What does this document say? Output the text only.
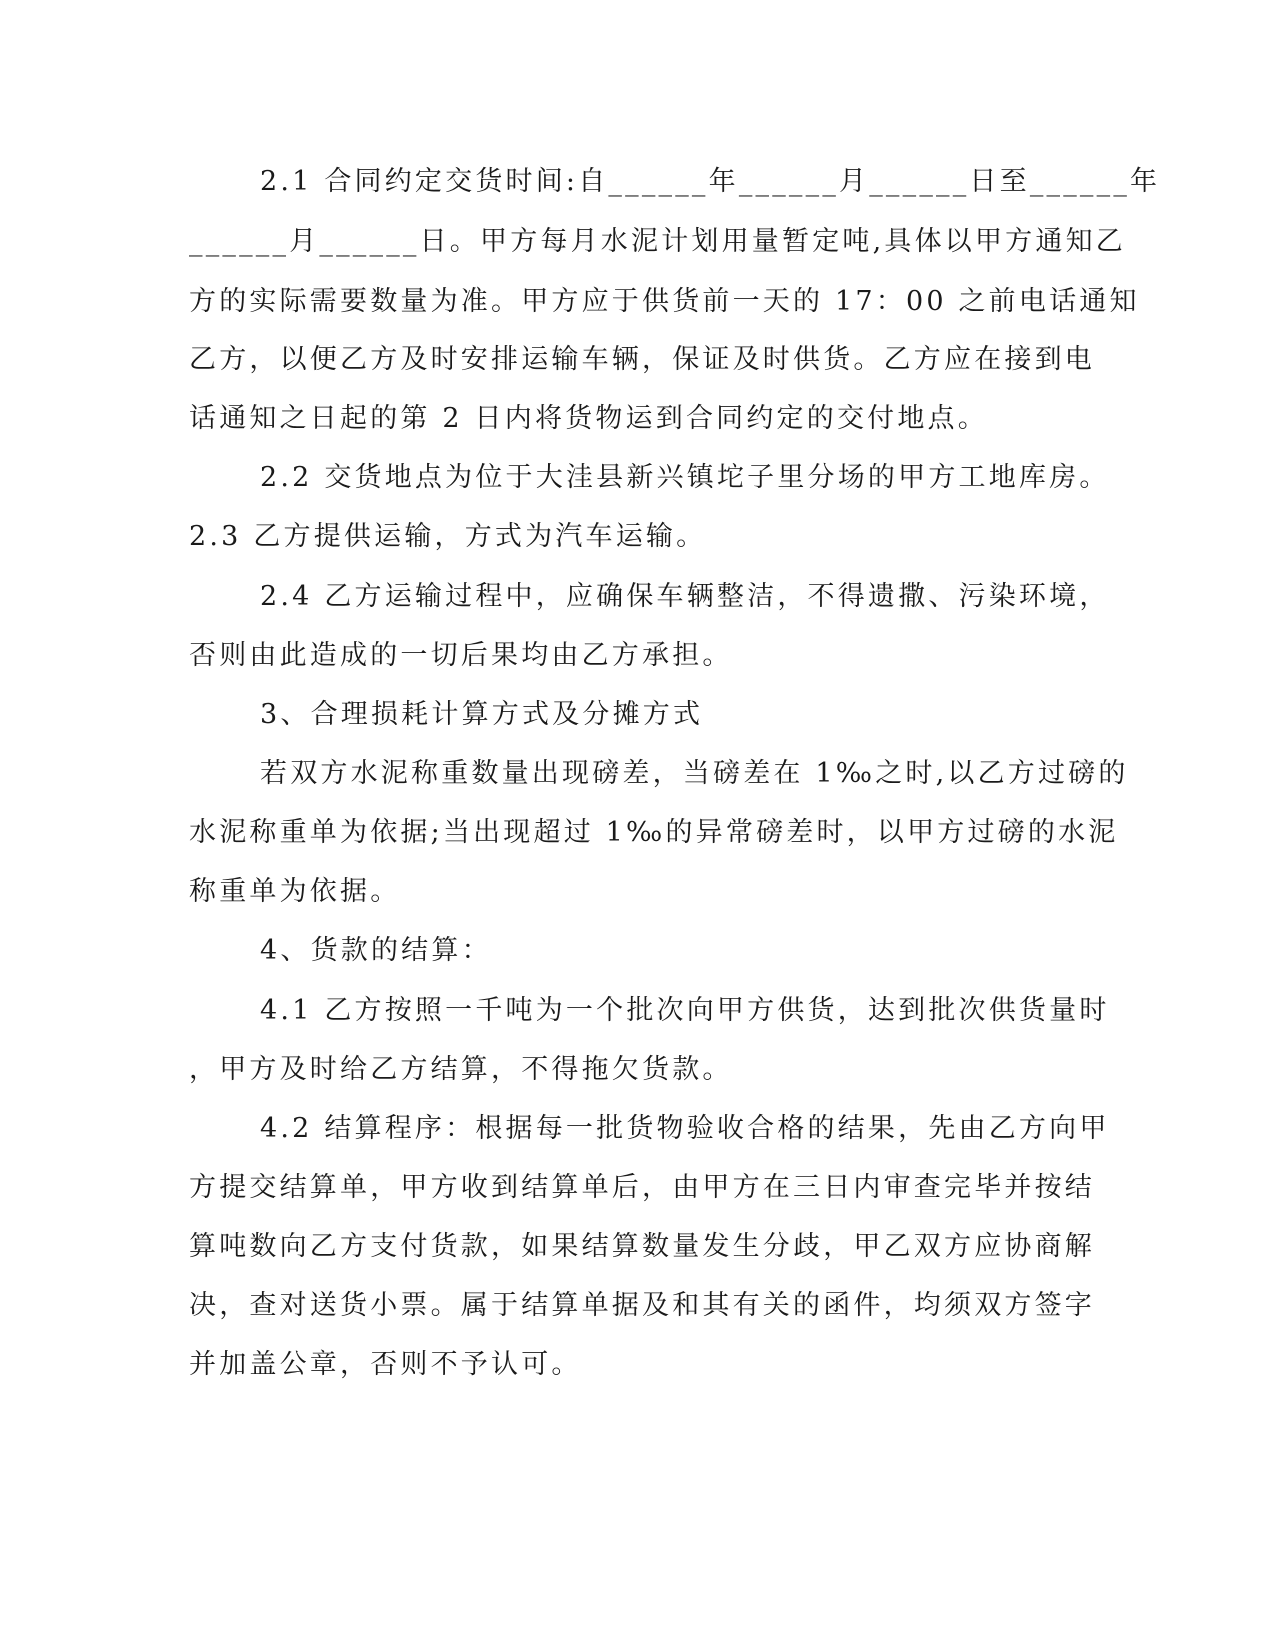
2.1 合同约定交货时间:自______年______月______日至______年
______月______日。甲方每月水泥计划用量暂定吨,具体以甲方通知乙
方的实际需要数量为准。甲方应于供货前一天的 17：00 之前电话通知
乙方，以便乙方及时安排运输车辆，保证及时供货。乙方应在接到电
话通知之日起的第 2 日内将货物运到合同约定的交付地点。
2.2 交货地点为位于大洼县新兴镇坨子里分场的甲方工地库房。
2.3 乙方提供运输，方式为汽车运输。
2.4 乙方运输过程中，应确保车辆整洁，不得遗撒、污染环境，
否则由此造成的一切后果均由乙方承担。
3、合理损耗计算方式及分摊方式
若双方水泥称重数量出现磅差，当磅差在 1‰之时,以乙方过磅的
水泥称重单为依据;当出现超过 1‰的异常磅差时，以甲方过磅的水泥
称重单为依据。
4、货款的结算：
4.1 乙方按照一千吨为一个批次向甲方供货，达到批次供货量时
，甲方及时给乙方结算，不得拖欠货款。
4.2 结算程序：根据每一批货物验收合格的结果，先由乙方向甲
方提交结算单，甲方收到结算单后，由甲方在三日内审查完毕并按结
算吨数向乙方支付货款，如果结算数量发生分歧，甲乙双方应协商解
决，查对送货小票。属于结算单据及和其有关的函件，均须双方签字
并加盖公章，否则不予认可。
